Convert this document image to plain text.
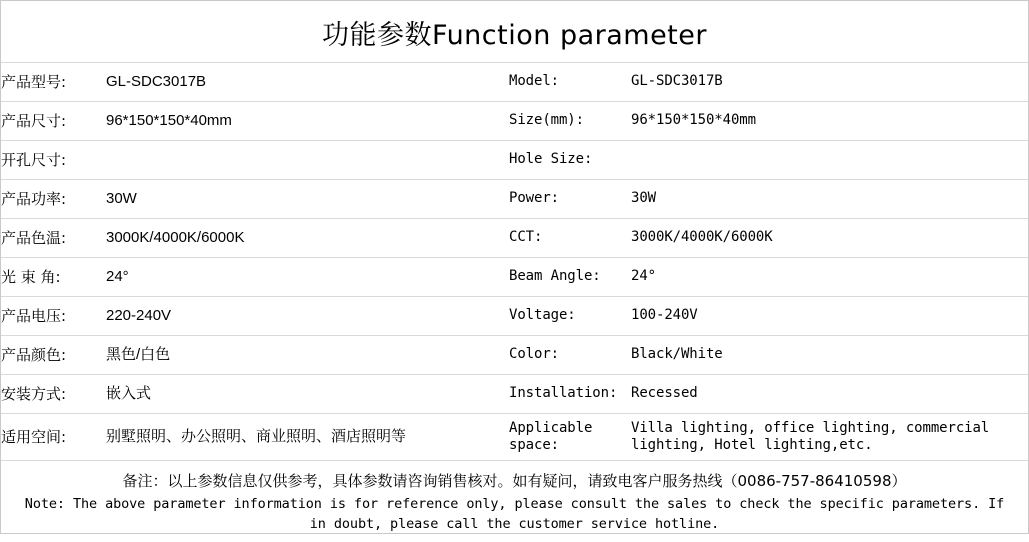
功能参数Function parameter
产品型号:	GL-SDC3017B	Model:	GL-SDC3017B

产品尺寸:	96*150*150*40mm	Size(mm):	96*150*150*40mm

开孔尺寸:		Hole Size:	

产品功率:	30W	Power:	30W

产品色温:	3000K/4000K/6000K	CCT:	3000K/4000K/6000K

光 束 角:	24°	Beam Angle:	24°

产品电压:	220-240V	Voltage:	100-240V

产品颜色:	黑色/白色	Color:	Black/White

安装方式:	嵌入式	Installation:	Recessed

适用空间:	别墅照明、办公照明、商业照明、酒店照明等	Applicable space:	Villa lighting, office lighting, commercial lighting, Hotel lighting,etc.
备注：以上参数信息仅供参考，具体参数请咨询销售核对。如有疑问，请致电客户服务热线（0086-757-86410598）
Note: The above parameter information is for reference only, please consult the sales to check the specific parameters. If in doubt, please call the customer service hotline.
